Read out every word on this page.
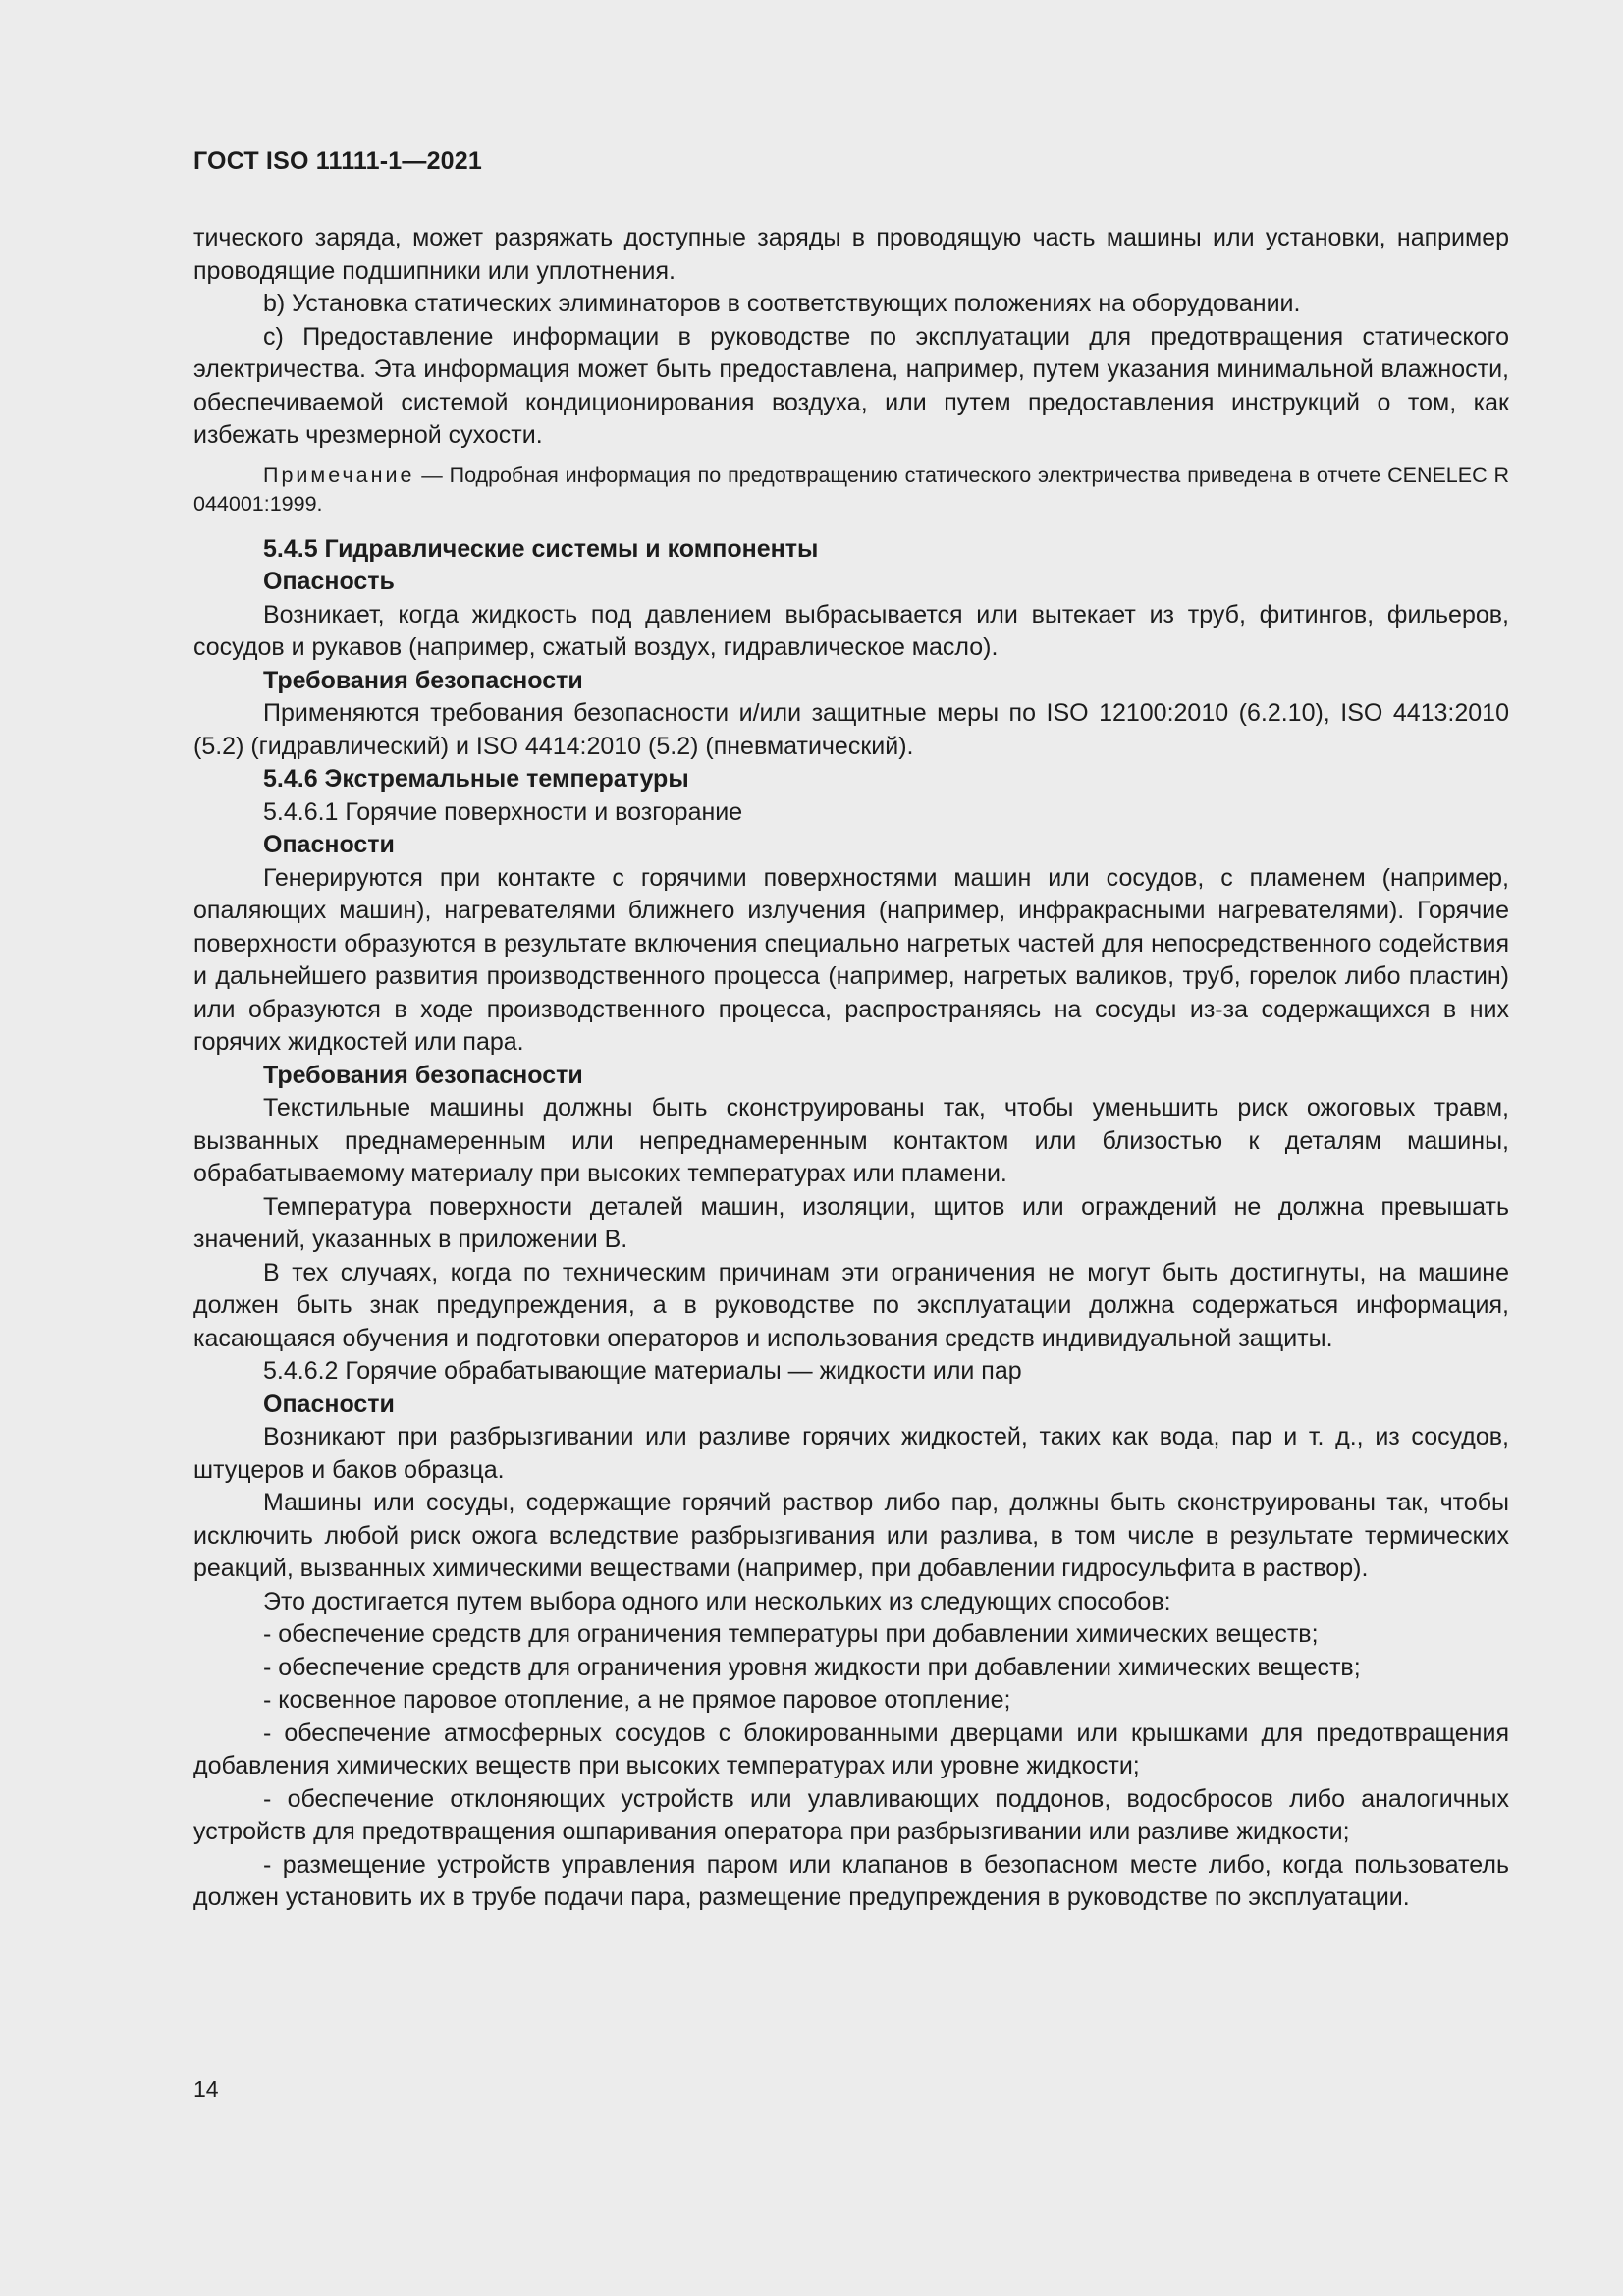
ГОСТ ISO 11111-1—2021

тического заряда, может разряжать доступные заряды в проводящую часть машины или установки, например проводящие подшипники или уплотнения.

b) Установка статических элиминаторов в соответствующих положениях на оборудовании.

c) Предоставление информации в руководстве по эксплуатации для предотвращения статического электричества. Эта информация может быть предоставлена, например, путем указания минимальной влажности, обеспечиваемой системой кондиционирования воздуха, или путем предоставления инструкций о том, как избежать чрезмерной сухости.

Примечание — Подробная информация по предотвращению статического электричества приведена в отчете CENELEC R 044001:1999.

5.4.5 Гидравлические системы и компоненты

Опасность

Возникает, когда жидкость под давлением выбрасывается или вытекает из труб, фитингов, фильеров, сосудов и рукавов (например, сжатый воздух, гидравлическое масло).

Требования безопасности

Применяются требования безопасности и/или защитные меры по ISO 12100:2010 (6.2.10), ISO 4413:2010 (5.2) (гидравлический) и ISO 4414:2010 (5.2) (пневматический).

5.4.6 Экстремальные температуры

5.4.6.1 Горячие поверхности и возгорание

Опасности

Генерируются при контакте с горячими поверхностями машин или сосудов, с пламенем (например, опаляющих машин), нагревателями ближнего излучения (например, инфракрасными нагревателями). Горячие поверхности образуются в результате включения специально нагретых частей для непосредственного содействия и дальнейшего развития производственного процесса (например, нагретых валиков, труб, горелок либо пластин) или образуются в ходе производственного процесса, распространяясь на сосуды из-за содержащихся в них горячих жидкостей или пара.

Требования безопасности

Текстильные машины должны быть сконструированы так, чтобы уменьшить риск ожоговых травм, вызванных преднамеренным или непреднамеренным контактом или близостью к деталям машины, обрабатываемому материалу при высоких температурах или пламени.

Температура поверхности деталей машин, изоляции, щитов или ограждений не должна превышать значений, указанных в приложении B.

В тех случаях, когда по техническим причинам эти ограничения не могут быть достигнуты, на машине должен быть знак предупреждения, а в руководстве по эксплуатации должна содержаться информация, касающаяся обучения и подготовки операторов и использования средств индивидуальной защиты.

5.4.6.2 Горячие обрабатывающие материалы — жидкости или пар

Опасности

Возникают при разбрызгивании или разливе горячих жидкостей, таких как вода, пар и т. д., из сосудов, штуцеров и баков образца.

Машины или сосуды, содержащие горячий раствор либо пар, должны быть сконструированы так, чтобы исключить любой риск ожога вследствие разбрызгивания или разлива, в том числе в результате термических реакций, вызванных химическими веществами (например, при добавлении гидросульфита в раствор).

Это достигается путем выбора одного или нескольких из следующих способов:

- обеспечение средств для ограничения температуры при добавлении химических веществ;

- обеспечение средств для ограничения уровня жидкости при добавлении химических веществ;

- косвенное паровое отопление, а не прямое паровое отопление;

- обеспечение атмосферных сосудов с блокированными дверцами или крышками для предотвращения добавления химических веществ при высоких температурах или уровне жидкости;

- обеспечение отклоняющих устройств или улавливающих поддонов, водосбросов либо аналогичных устройств для предотвращения ошпаривания оператора при разбрызгивании или разливе жидкости;

- размещение устройств управления паром или клапанов в безопасном месте либо, когда пользователь должен установить их в трубе подачи пара, размещение предупреждения в руководстве по эксплуатации.

14
